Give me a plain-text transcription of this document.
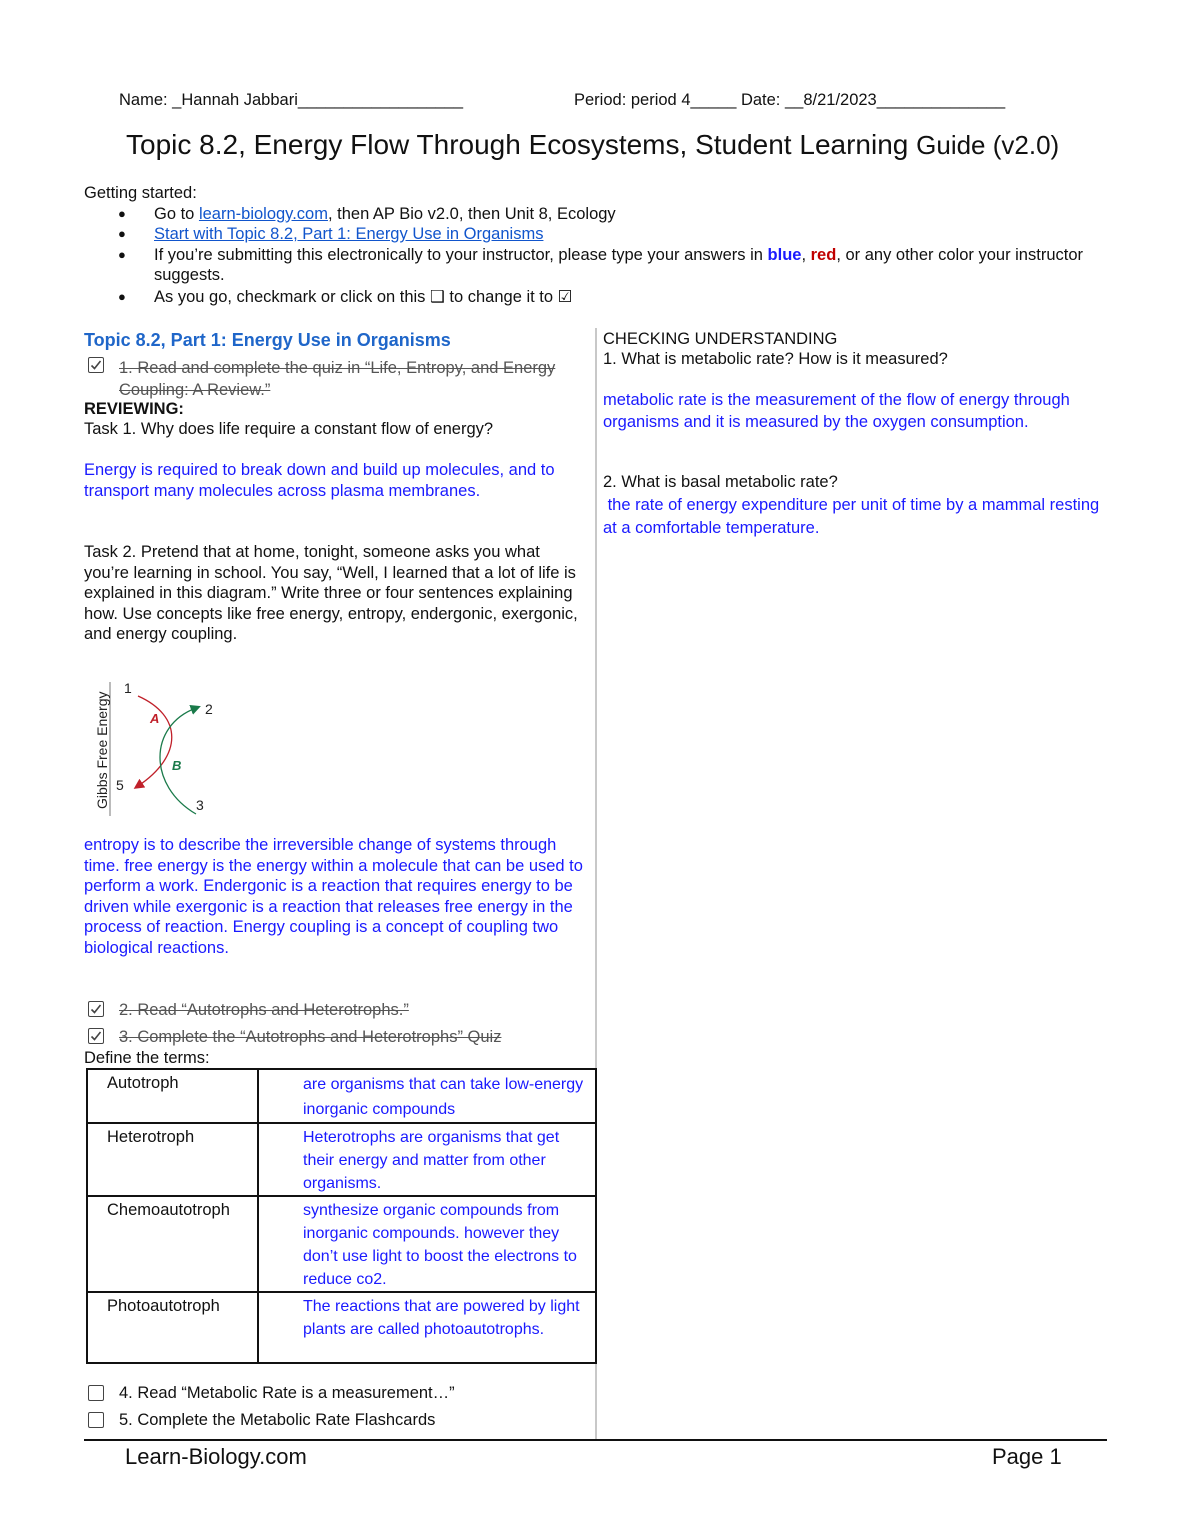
Name: _Hannah Jabbari__________________	Period: period 4_____ Date: __8/21/2023______________
Topic 8.2, Energy Flow Through Ecosystems, Student Learning Guide (v2.0)
Getting started:
● Go to learn-biology.com, then AP Bio v2.0, then Unit 8, Ecology
● Start with Topic 8.2, Part 1: Energy Use in Organisms
● If you’re submitting this electronically to your instructor, please type your answers in blue, red, or any other color your instructor suggests.
● As you go, checkmark or click on this ❑ to change it to ☑
Topic 8.2, Part 1: Energy Use in Organisms
1. Read and complete the quiz in “Life, Entropy, and Energy Coupling: A Review.”
REVIEWING:
Task 1. Why does life require a constant flow of energy?
Energy is required to break down and build up molecules, and to transport many molecules across plasma membranes.
Task 2. Pretend that at home, tonight, someone asks you what you’re learning in school. You say, “Well, I learned that a lot of life is explained in this diagram.” Write three or four sentences explaining how. Use concepts like free energy, entropy, endergonic, exergonic, and energy coupling.
Gibbs Free Energy
1
2
3
5
A
B
entropy is to describe the irreversible change of systems through time. free energy is the energy within a molecule that can be used to perform a work. Endergonic is a reaction that requires energy to be driven while exergonic is a reaction that releases free energy in the process of reaction. Energy coupling is a concept of coupling two biological reactions.
2. Read “Autotrophs and Heterotrophs.”
3. Complete the “Autotrophs and Heterotrophs” Quiz
Define the terms:
Autotroph	are organisms that can take low-energy inorganic compounds
Heterotroph	Heterotrophs are organisms that get their energy and matter from other organisms.
Chemoautotroph	synthesize organic compounds from inorganic compounds. however they don’t use light to boost the electrons to reduce co2.
Photoautotroph	The reactions that are powered by light plants are called photoautotrophs.
4. Read “Metabolic Rate is a measurement…”
5. Complete the Metabolic Rate Flashcards
CHECKING UNDERSTANDING
1. What is metabolic rate? How is it measured?
metabolic rate is the measurement of the flow of energy through organisms and it is measured by the oxygen consumption.
2. What is basal metabolic rate?
the rate of energy expenditure per unit of time by a mammal resting at a comfortable temperature.
Learn-Biology.com	Page 1
